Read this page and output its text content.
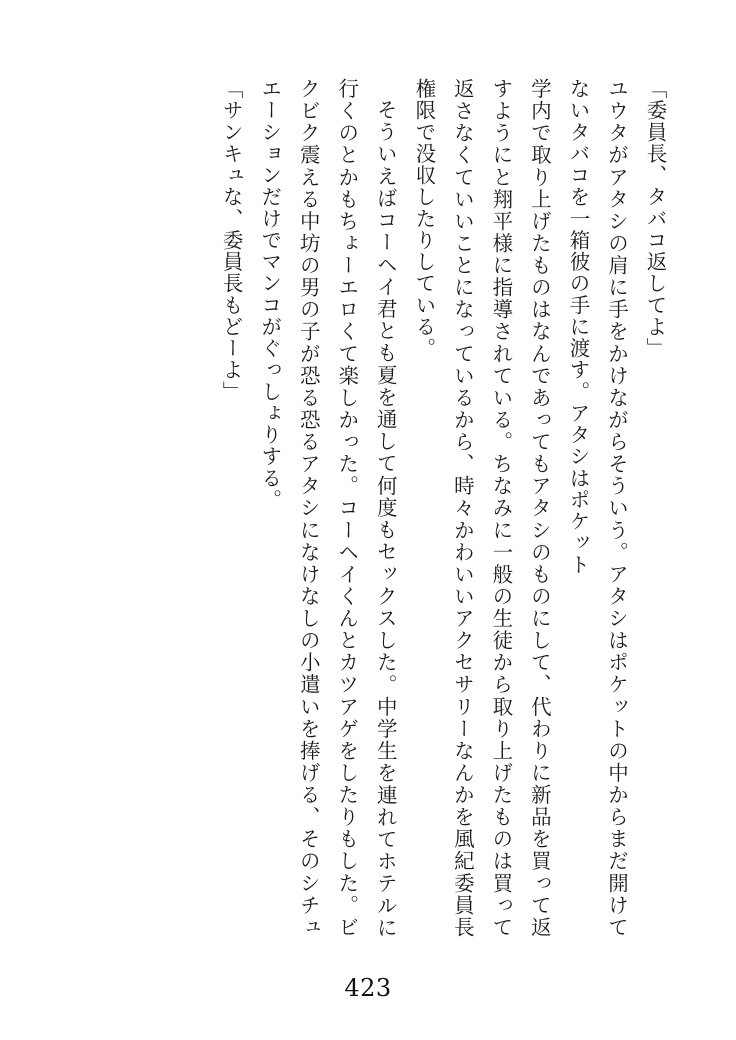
「委員長、タバコ返してよ」

ユウタがアタシの肩に手をかけながらそういう。アタシはポケットの中からまだ開けてないタバコを一箱彼の手に渡す。アタシはポケット

学内で取り上げたものはなんであってもアタシのものにして、代わりに新品を買って返すようにと翔平様に指導されている。ちなみに一般の生徒から取り上げたものは買って返さなくていいことになっているから、時々かわいいアクセサリーなんかを風紀委員長権限で没収したりしている。

そういえばコーヘイ君とも夏を通して何度もセックスした。中学生を連れてホテルに行くのとかもちょーエロくて楽しかった。コーヘイくんとカツアゲをしたりもした。ビクビク震える中坊の男の子が恐る恐るアタシになけなしの小遣いを捧げる、そのシチュエーションだけでマンコがぐっしょりする。

「サンキュな、委員長もどーよ」

423
